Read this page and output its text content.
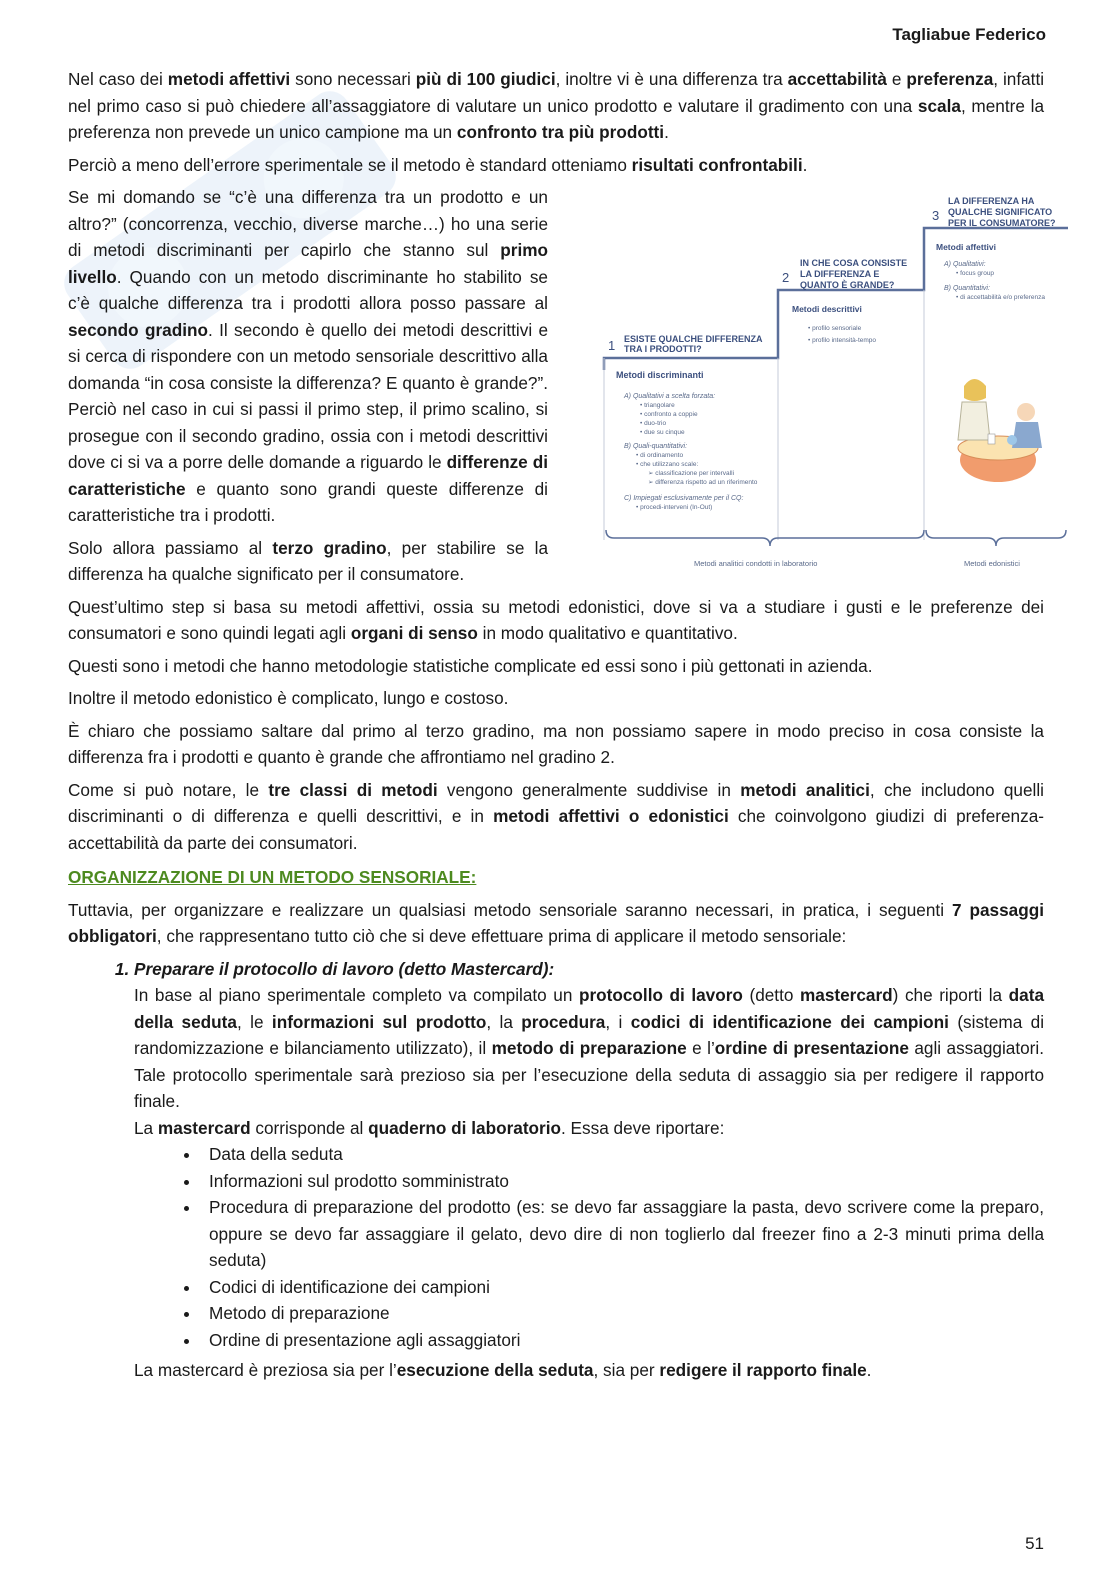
Tagliabue Federico

Nel caso dei metodi affettivi sono necessari più di 100 giudici, inoltre vi è una differenza tra accettabilità e preferenza, infatti nel primo caso si può chiedere all’assaggiatore di valutare un unico prodotto e valutare il gradimento con una scala, mentre la preferenza non prevede un unico campione ma un confronto tra più prodotti.

Perciò a meno dell’errore sperimentale se il metodo è standard otteniamo risultati confrontabili.

Se mi domando se “c’è una differenza tra un prodotto e un altro?” (concorrenza, vecchio, diverse marche…) ho una serie di metodi discriminanti per capirlo che stanno sul primo livello. Quando con un metodo discriminante ho stabilito se c’è qualche differenza tra i prodotti allora posso passare al secondo gradino. Il secondo è quello dei metodi descrittivi e si cerca di rispondere con un metodo sensoriale descrittivo alla domanda “in cosa consiste la differenza? E quanto è grande?”. Perciò nel caso in cui si passi il primo step, il primo scalino, si prosegue con il secondo gradino, ossia con i metodi descrittivi dove ci si va a porre delle domande a riguardo le differenze di caratteristiche e quanto sono grandi queste differenze di caratteristiche tra i prodotti.

Solo allora passiamo al terzo gradino, per stabilire se la differenza ha qualche significato per il consumatore.

1 ESISTE QUALCHE DIFFERENZA
TRA I PRODOTTI?
Metodi discriminanti
A) Qualitativi a scelta forzata:
• triangolare
• confronto a coppie
• duo-trio
• due su cinque
B) Quali-quantitativi:
• di ordinamento
• che utilizzano scale:
➢ classificazione per intervalli
➢ differenza rispetto ad un riferimento
C) Impiegati esclusivamente per il CQ:
• procedi-interveni (In-Out)
2
IN CHE COSA CONSISTE
LA DIFFERENZA E
QUANTO È GRANDE?
Metodi descrittivi
• profilo sensoriale
• profilo intensità-tempo
3
LA DIFFERENZA HA
QUALCHE SIGNIFICATO
PER IL CONSUMATORE?
Metodi affettivi
A) Qualitativi:
• focus group
B) Quantitativi:
• di accettabilità e/o preferenza
Metodi analitici condotti in laboratorio	Metodi edonistici

Quest’ultimo step si basa su metodi affettivi, ossia su metodi edonistici, dove si va a studiare i gusti e le preferenze dei consumatori e sono quindi legati agli organi di senso in modo qualitativo e quantitativo.

Questi sono i metodi che hanno metodologie statistiche complicate ed essi sono i più gettonati in azienda.

Inoltre il metodo edonistico è complicato, lungo e costoso.

È chiaro che possiamo saltare dal primo al terzo gradino, ma non possiamo sapere in modo preciso in cosa consiste la differenza fra i prodotti e quanto è grande che affrontiamo nel gradino 2.

Come si può notare, le tre classi di metodi vengono generalmente suddivise in metodi analitici, che includono quelli discriminanti o di differenza e quelli descrittivi, e in metodi affettivi o edonistici che coinvolgono giudizi di preferenza-accettabilità da parte dei consumatori.

ORGANIZZAZIONE DI UN METODO SENSORIALE:

Tuttavia, per organizzare e realizzare un qualsiasi metodo sensoriale saranno necessari, in pratica, i seguenti 7 passaggi obbligatori, che rappresentano tutto ciò che si deve effettuare prima di applicare il metodo sensoriale:

1. Preparare il protocollo di lavoro (detto Mastercard):

In base al piano sperimentale completo va compilato un protocollo di lavoro (detto mastercard) che riporti la data della seduta, le informazioni sul prodotto, la procedura, i codici di identificazione dei campioni (sistema di randomizzazione e bilanciamento utilizzato), il metodo di preparazione e l’ordine di presentazione agli assaggiatori. Tale protocollo sperimentale sarà prezioso sia per l’esecuzione della seduta di assaggio sia per redigere il rapporto finale.

La mastercard corrisponde al quaderno di laboratorio. Essa deve riportare:

• Data della seduta
• Informazioni sul prodotto somministrato
• Procedura di preparazione del prodotto (es: se devo far assaggiare la pasta, devo scrivere come la preparo, oppure se devo far assaggiare il gelato, devo dire di non toglierlo dal freezer fino a 2-3 minuti prima della seduta)
• Codici di identificazione dei campioni
• Metodo di preparazione
• Ordine di presentazione agli assaggiatori

La mastercard è preziosa sia per l’esecuzione della seduta, sia per redigere il rapporto finale.

51
